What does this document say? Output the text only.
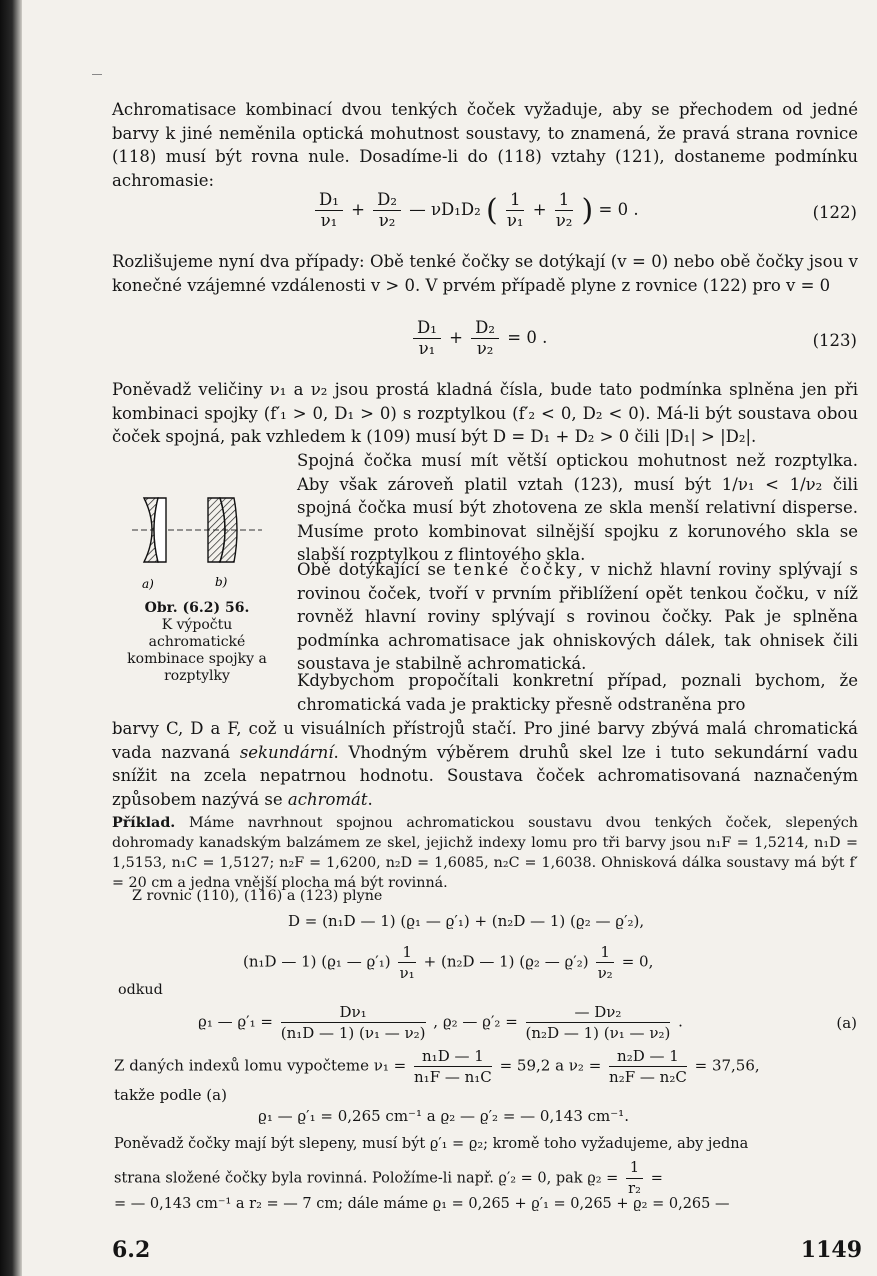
Achromatisace kombinací dvou tenkých čoček vyžaduje, aby se přechodem od jedné barvy k jiné neměnila optická mohutnost soustavy, to znamená, že pravá strana rovnice (118) musí být rovna nule. Dosadíme-li do (118) vztahy (121), dostaneme podmínku achromasie:

$\frac{\text{D₁}}{\text{ν₁}} + \frac{\text{D₂}}{\text{ν₂}}$ — νD₁D₂ ( $\frac{1}{\text{ν₁}} + \frac{1}{\text{ν₂}}$ ) = 0 .	(122)

Rozlišujeme nyní dva případy: Obě tenké čočky se dotýkají (v = 0) nebo obě čočky jsou v konečné vzájemné vzdálenosti v > 0. V prvém případě plyne z rovnice (122) pro v = 0

$\frac{\text{D₁}}{\text{ν₁}} + \frac{\text{D₂}}{\text{ν₂}} = 0$ .	(123)

Poněvadž veličiny ν₁ a ν₂ jsou prostá kladná čísla, bude tato podmínka splněna jen při kombinaci spojky (f′₁ > 0, D₁ > 0) s rozptylkou (f′₂ < 0, D₂ < 0). Má-li být soustava obou čoček spojná, pak vzhledem k (109) musí být D = D₁ + D₂ > 0 čili |D₁| > |D₂|.

Spojná čočka musí mít větší optickou mohutnost než rozptylka. Aby však zároveň platil vztah (123), musí být 1/ν₁ < 1/ν₂ čili spojná čočka musí být zhotovena ze skla menší relativní disperse. Musíme proto kombinovat silnější spojku z korunového skla se slabší rozptylkou z flintového skla.

a)	b)
Obr. (6.2) 56.
K výpočtu achromatické kombinace spojky a rozptylky

Obě dotýkající se tenké čočky, v nichž hlavní roviny splývají s rovinou čoček, tvoří v prvním přiblížení opět tenkou čočku, v níž rovněž hlavní roviny splývají s rovinou čočky. Pak je splněna podmínka achromatisace jak ohniskových dálek, tak ohnisek čili soustava je stabilně achromatická.

Kdybychom propočítali konkretní případ, poznali bychom, že chromatická vada je prakticky přesně odstraněna pro

barvy C, D a F, což u visuálních přístrojů stačí. Pro jiné barvy zbývá malá chromatická vada nazvaná sekundární. Vhodným výběrem druhů skel lze i tuto sekundární vadu snížit na zcela nepatrnou hodnotu. Soustava čoček achromatisovaná naznačeným způsobem nazývá se achromát.

Příklad. Máme navrhnout spojnou achromatickou soustavu dvou tenkých čoček, slepených dohromady kanadským balzámem ze skel, jejichž indexy lomu pro tři barvy jsou n₁F = 1,5214, n₁D = 1,5153, n₁C = 1,5127; n₂F = 1,6200, n₂D = 1,6085, n₂C = 1,6038. Ohnisková dálka soustavy má být f′ = 20 cm a jedna vnější plocha má být rovinná.

Z rovnic (110), (116) a (123) plyne

D = (n₁D — 1) (ϱ₁ — ϱ′₁) + (n₂D — 1) (ϱ₂ — ϱ′₂),
(n₁D — 1) (ϱ₁ — $ϱ'_1) \frac{1}{\text{ν₁}} + (n_2D$ — 1) (ϱ₂ — $ϱ'_2) \frac{1}{\text{ν₂}} = 0$,
odkud
ϱ₁ — $ϱ'_1 = \frac{\text{Dν₁}}{\text{(n₁D — 1) (ν₁ — ν₂)}}$ , ϱ₂ — $ϱ'_2 = \frac{\text{— Dν₂}}{\text{(n₂D — 1) (ν₁ — ν₂)}}$ .	(a)
Z daných indexů lomu vypočteme $\nu_1 = \frac{\text{n₁D — 1}}{\text{n₁F — n₁C}} = 59,2$ a $\nu_2 = \frac{\text{n₂D — 1}}{\text{n₂F — n₂C}} = 37,56$,
takže podle (a)
ϱ₁ — ϱ′₁ = 0,265 cm⁻¹ a ϱ₂ — ϱ′₂ = — 0,143 cm⁻¹.
Poněvadž čočky mají být slepeny, musí být ϱ′₁ = ϱ₂; kromě toho vyžadujeme, aby jedna
strana složené čočky byla rovinná. Položíme-li např. ϱ′₂ = 0, pak $ϱ_2 = \frac{1}{\text{r₂}}$ =
= — 0,143 cm⁻¹ a r₂ = — 7 cm; dále máme ϱ₁ = 0,265 + ϱ′₁ = 0,265 + ϱ₂ = 0,265 —
6.2	1149
